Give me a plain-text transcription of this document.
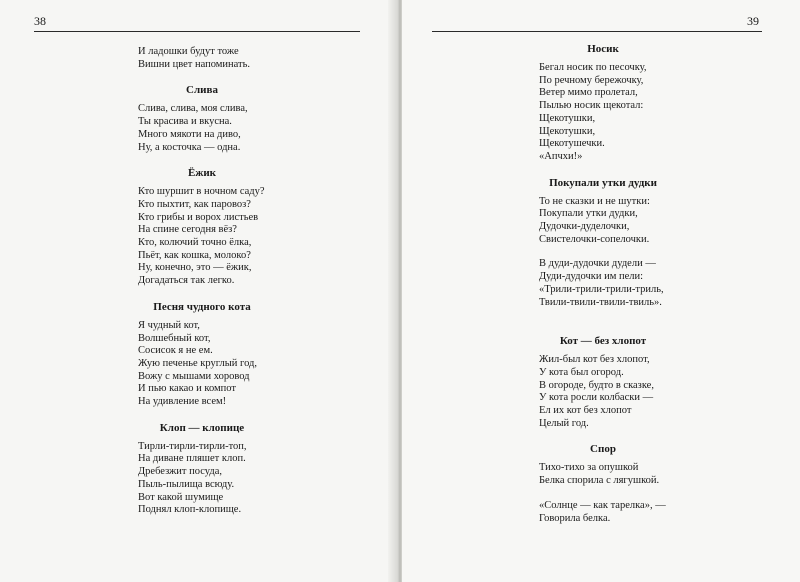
38
И ладошки будут тоже
Вишни цвет напоминать.
Слива
Слива, слива, моя слива,
Ты красива и вкусна.
Много мякоти на диво,
Ну, а косточка — одна.
Ёжик
Кто шуршит в ночном саду?
Кто пыхтит, как паровоз?
Кто грибы и ворох листьев
На спине сегодня вёз?
Кто, колючий точно ёлка,
Пьёт, как кошка, молоко?
Ну, конечно, это — ёжик,
Догадаться так легко.
Песня чудного кота
Я чудный кот,
Волшебный кот,
Сосисок я не ем.
Жую печенье круглый год,
Вожу с мышами хоровод
И пью какао и компот
На удивление всем!
Клоп — клопице
Тирли-тирли-тирли-топ,
На диване пляшет клоп.
Дребезжит посуда,
Пыль-пылища всюду.
Вот какой шумище
Поднял клоп-клопище.
39
Носик
Бегал носик по песочку,
По речному бережочку,
Ветер мимо пролетал,
Пылью носик щекотал:
Щекотушки,
Щекотушки,
Щекотушечки.
«Апчхи!»
Покупали утки дудки
То не сказки и не шутки:
Покупали утки дудки,
Дудочки-дуделочки,
Свистелочки-сопелочки.
В дуди-дудочки дудели —
Дуди-дудочки им пели:
«Трили-трили-трили-триль,
Твили-твили-твили-твиль».
Кот — без хлопот
Жил-был кот без хлопот,
У кота был огород.
В огороде, будто в сказке,
У кота росли колбаски —
Ел их кот без хлопот
Целый год.
Спор
Тихо-тихо за опушкой
Белка спорила с лягушкой.
«Солнце — как тарелка», —
Говорила белка.
